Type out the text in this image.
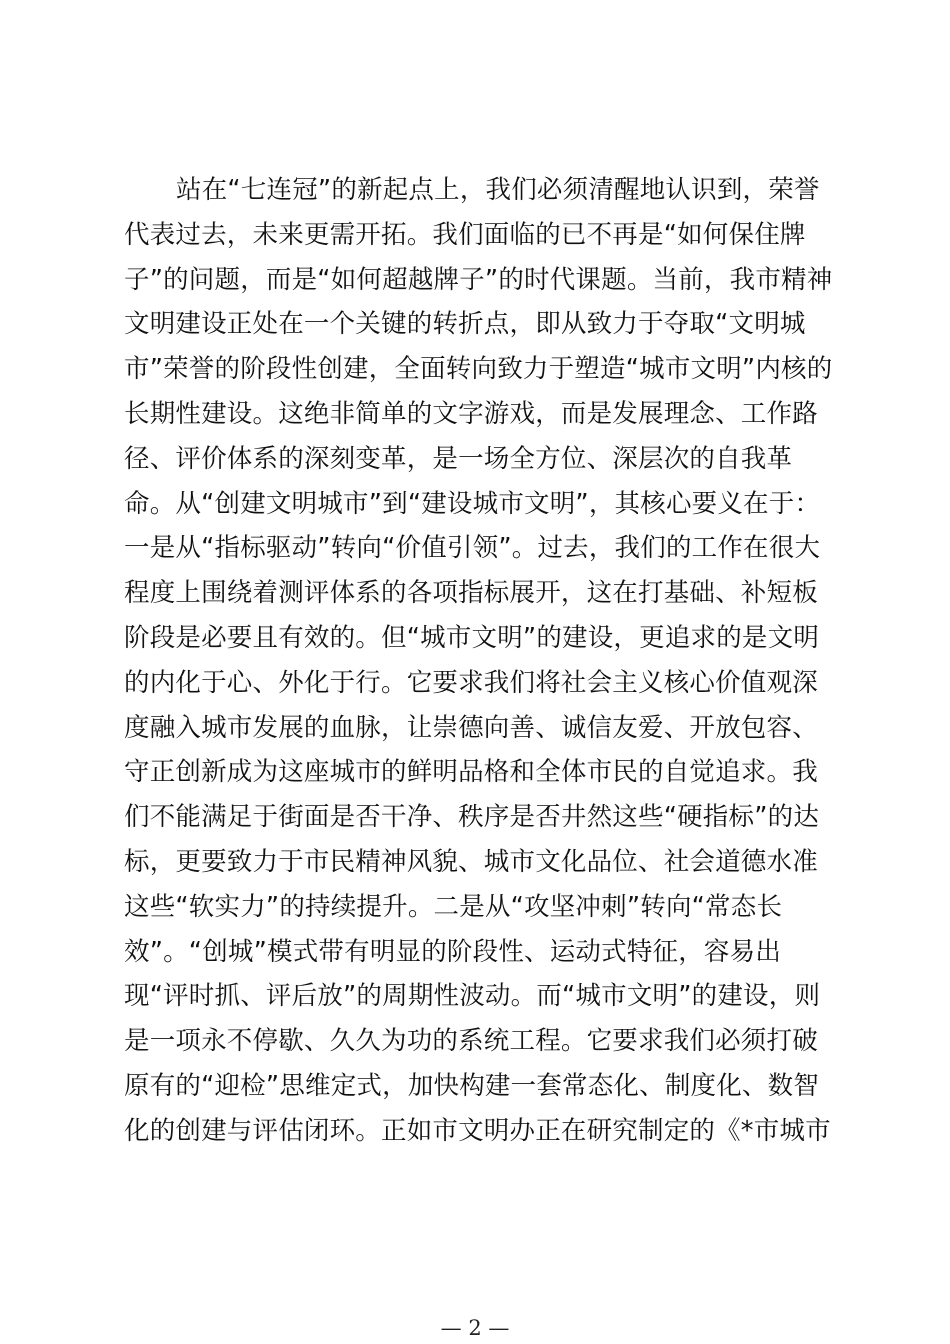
站在“七连冠”的新起点上，我们必须清醒地认识到，荣誉
代表过去，未来更需开拓。我们面临的已不再是“如何保住牌
子”的问题，而是“如何超越牌子”的时代课题。当前，我市精神
文明建设正处在一个关键的转折点，即从致力于夺取“文明城
市”荣誉的阶段性创建，全面转向致力于塑造“城市文明”内核的
长期性建设。这绝非简单的文字游戏，而是发展理念、工作路
径、评价体系的深刻变革，是一场全方位、深层次的自我革
命。从“创建文明城市”到“建设城市文明”，其核心要义在于：
一是从“指标驱动”转向“价值引领”。过去，我们的工作在很大
程度上围绕着测评体系的各项指标展开，这在打基础、补短板
阶段是必要且有效的。但“城市文明”的建设，更追求的是文明
的内化于心、外化于行。它要求我们将社会主义核心价值观深
度融入城市发展的血脉，让崇德向善、诚信友爱、开放包容、
守正创新成为这座城市的鲜明品格和全体市民的自觉追求。我
们不能满足于街面是否干净、秩序是否井然这些“硬指标”的达
标，更要致力于市民精神风貌、城市文化品位、社会道德水准
这些“软实力”的持续提升。二是从“攻坚冲刺”转向“常态长
效”。“创城”模式带有明显的阶段性、运动式特征，容易出
现“评时抓、评后放”的周期性波动。而“城市文明”的建设，则
是一项永不停歇、久久为功的系统工程。它要求我们必须打破
原有的“迎检”思维定式，加快构建一套常态化、制度化、数智
化的创建与评估闭环。正如市文明办正在研究制定的《*市城市
— 2 —
